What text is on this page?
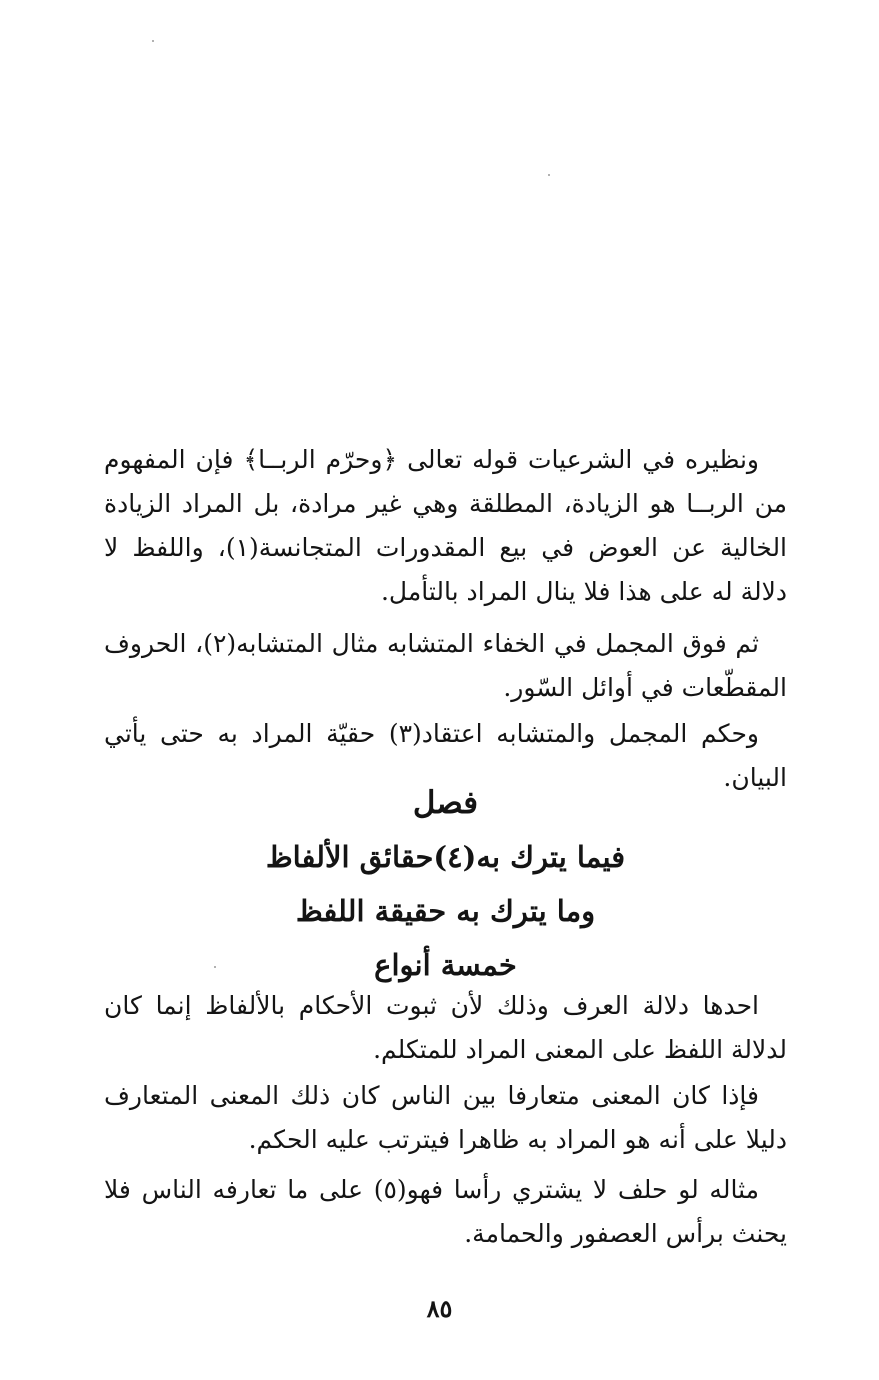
ونظيره في الشرعيات قوله تعالى ﴿وحرّم الربــا﴾ فإن المفهوم من الربــا هو الزيادة، المطلقة وهي غير مرادة، بل المراد الزيادة الخالية عن العوض في بيع المقدورات المتجانسة(١)، واللفظ لا دلالة له على هذا فلا ينال المراد بالتأمل.

ثم فوق المجمل في الخفاء المتشابه مثال المتشابه(٢)، الحروف المقطّعات في أوائل السّور.

وحكم المجمل والمتشابه اعتقاد(٣) حقيّة المراد به حتى يأتي البيان.

فصل
فيما يترك به(٤)حقائق الألفاظ
وما يترك به حقيقة اللفظ
خمسة أنواع

احدها دلالة العرف وذلك لأن ثبوت الأحكام بالألفاظ إنما كان لدلالة اللفظ على المعنى المراد للمتكلم.

فإذا كان المعنى متعارفا بين الناس كان ذلك المعنى المتعارف دليلا على أنه هو المراد به ظاهرا فيترتب عليه الحكم.

مثاله لو حلف لا يشتري رأسا فهو(٥) على ما تعارفه الناس فلا يحنث برأس العصفور والحمامة.

٨٥
